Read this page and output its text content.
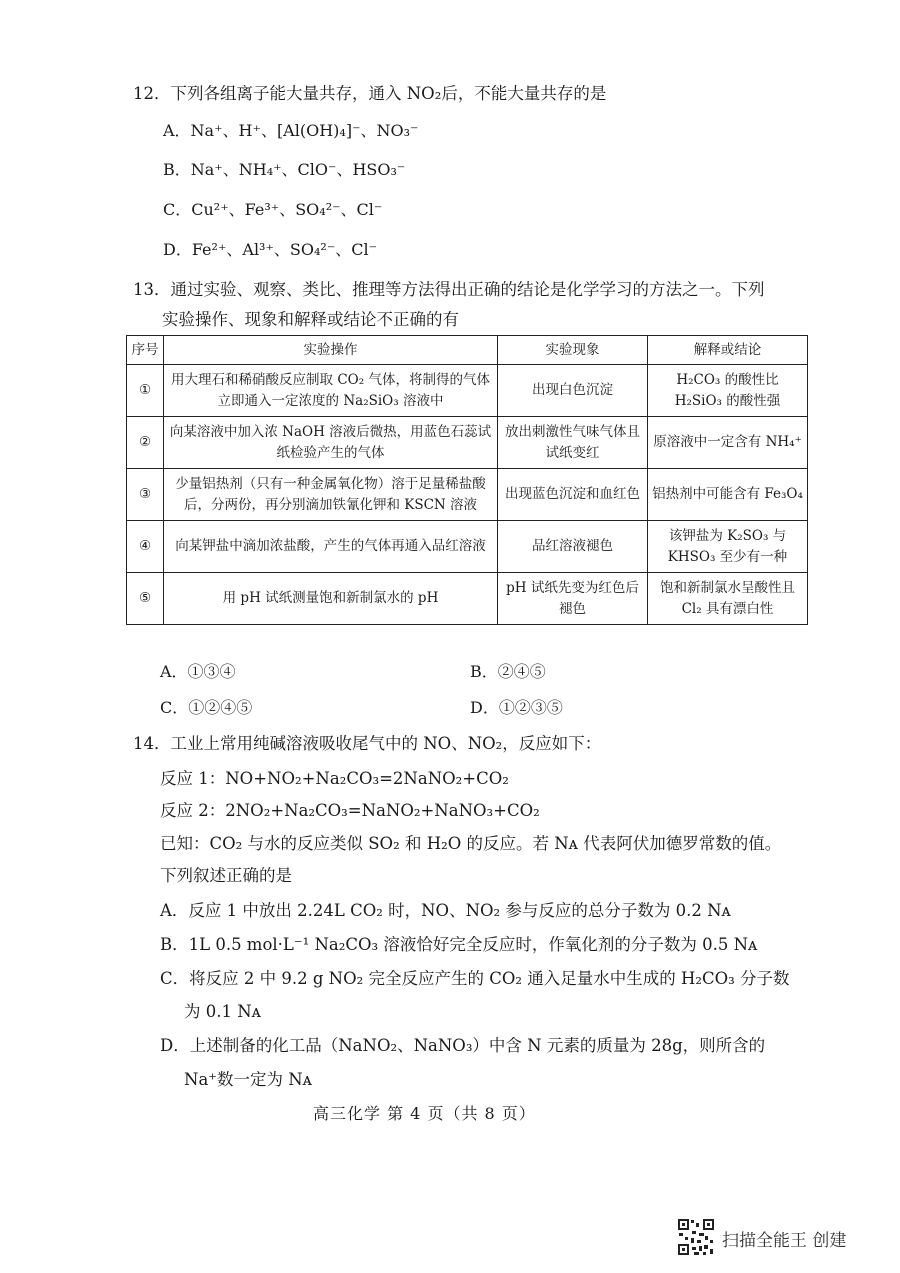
12．下列各组离子能大量共存，通入 NO₂后，不能大量共存的是
A．Na⁺、H⁺、[Al(OH)₄]⁻、NO₃⁻
B．Na⁺、NH₄⁺、ClO⁻、HSO₃⁻
C．Cu²⁺、Fe³⁺、SO₄²⁻、Cl⁻
D．Fe²⁺、Al³⁺、SO₄²⁻、Cl⁻
13．通过实验、观察、类比、推理等方法得出正确的结论是化学学习的方法之一。下列
实验操作、现象和解释或结论不正确的有
序号	实验操作	实验现象	解释或结论
①	用大理石和稀硝酸反应制取 CO₂ 气体，将制得的气体立即通入一定浓度的 Na₂SiO₃ 溶液中	出现白色沉淀	H₂CO₃ 的酸性比 H₂SiO₃ 的酸性强
②	向某溶液中加入浓 NaOH 溶液后微热，用蓝色石蕊试纸检验产生的气体	放出刺激性气味气体且试纸变红	原溶液中一定含有 NH₄⁺
③	少量铝热剂（只有一种金属氧化物）溶于足量稀盐酸后，分两份，再分别滴加铁氰化钾和 KSCN 溶液	出现蓝色沉淀和血红色	铝热剂中可能含有 Fe₃O₄
④	向某钾盐中滴加浓盐酸，产生的气体再通入品红溶液	品红溶液褪色	该钾盐为 K₂SO₃ 与 KHSO₃ 至少有一种
⑤	用 pH 试纸测量饱和新制氯水的 pH	pH 试纸先变为红色后褪色	饱和新制氯水呈酸性且 Cl₂ 具有漂白性
A．①③④	B．②④⑤
C．①②④⑤	D．①②③⑤
14．工业上常用纯碱溶液吸收尾气中的 NO、NO₂，反应如下：
反应 1：NO+NO₂+Na₂CO₃=2NaNO₂+CO₂
反应 2：2NO₂+Na₂CO₃=NaNO₂+NaNO₃+CO₂
已知：CO₂ 与水的反应类似 SO₂ 和 H₂O 的反应。若 Nᴀ 代表阿伏加德罗常数的值。
下列叙述正确的是
A．反应 1 中放出 2.24L CO₂ 时，NO、NO₂ 参与反应的总分子数为 0.2 Nᴀ
B．1L 0.5 mol·L⁻¹ Na₂CO₃ 溶液恰好完全反应时，作氧化剂的分子数为 0.5 Nᴀ
C．将反应 2 中 9.2 g NO₂ 完全反应产生的 CO₂ 通入足量水中生成的 H₂CO₃ 分子数
为 0.1 Nᴀ
D．上述制备的化工品（NaNO₂、NaNO₃）中含 N 元素的质量为 28g，则所含的
Na⁺数一定为 Nᴀ
高三化学 第 4 页（共 8 页）
扫描全能王 创建
